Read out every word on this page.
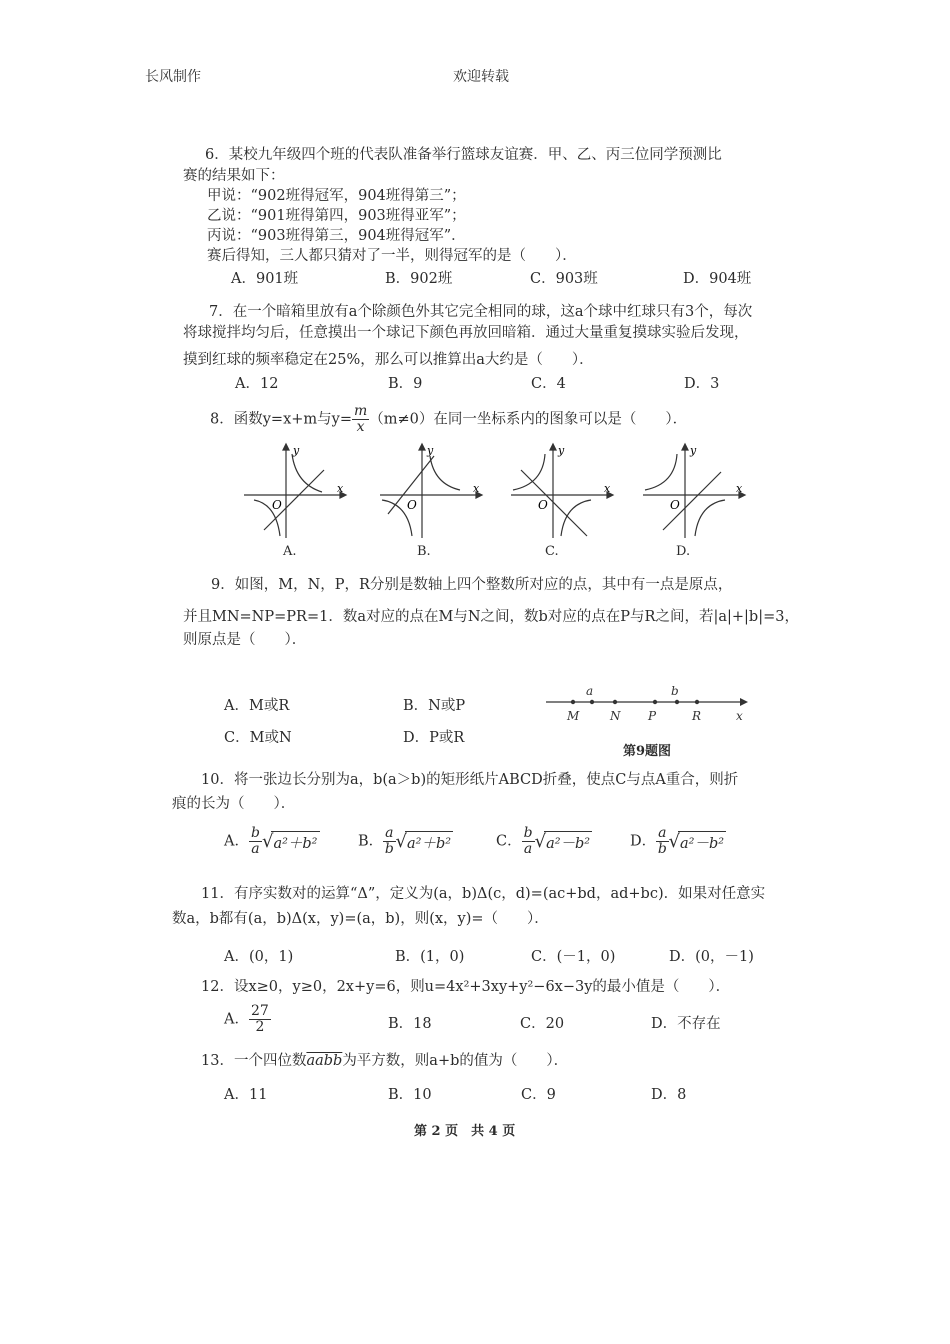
长风制作	欢迎转载
6．某校九年级四个班的代表队准备举行篮球友谊赛．甲、乙、丙三位同学预测比
赛的结果如下：
甲说：“902班得冠军，904班得第三”；
乙说：“901班得第四，903班得亚军”；
丙说：“903班得第三，904班得冠军”．
赛后得知，三人都只猜对了一半，则得冠军的是（　　）．
A．901班	B．902班	C．903班	D．904班
7．在一个暗箱里放有a个除颜色外其它完全相同的球，这a个球中红球只有3个，每次
将球搅拌均匀后，任意摸出一个球记下颜色再放回暗箱．通过大量重复摸球实验后发现，
摸到红球的频率稳定在25%，那么可以推算出a大约是（　　）．
A．12	B．9	C．4	D．3
8．函数y=x+m与$y= \frac{m}{x} (m\ne 0)$在同一坐标系内的图象可以是（　　）．
x
y
O
A.
x
y
O
B.
x
y
O
C.
x
y
O
D.
9．如图，M，N，P，R分别是数轴上四个整数所对应的点，其中有一点是原点，
并且MN=NP=PR=1．数a对应的点在M与N之间，数b对应的点在P与R之间，若|a|+|b|=3，
则原点是（　　）．
A．M或R	B．N或P
C．M或N	D．P或R
a	b
M	N P	R	x
第9题图
10．将一张边长分别为a，b(a＞b)的矩形纸片ABCD折叠，使点C与点A重合，则折
痕的长为（　　）．
A． $\frac{b}{a} √a^2+b^2$	B． $\frac{a}{b} √a^2+b^2$	C． $\frac{b}{a} √a^2-b^2$	D． $\frac{a}{b} √a^2-b^2$
11．有序实数对的运算“Δ”，定义为(a，b)Δ(c，d)=(ac+bd，ad+bc)．如果对任意实
数a，b都有(a，b)Δ(x，y)=(a，b)，则(x，y)=（　　）．
A．(0，1)	B．(1，0)	C．(－1，0)	D．(0，－1)
12．设x≥0，y≥0，2x+y=6，则u=4x²+3xy+y²−6x−3y的最小值是（　　）．
A． $\frac{27}{2}$	B．18	C．20	D．不存在
13．一个四位数aabb为平方数，则a+b的值为（　　）．
A．11	B．10	C．9	D．8
第 2 页　共 4 页
